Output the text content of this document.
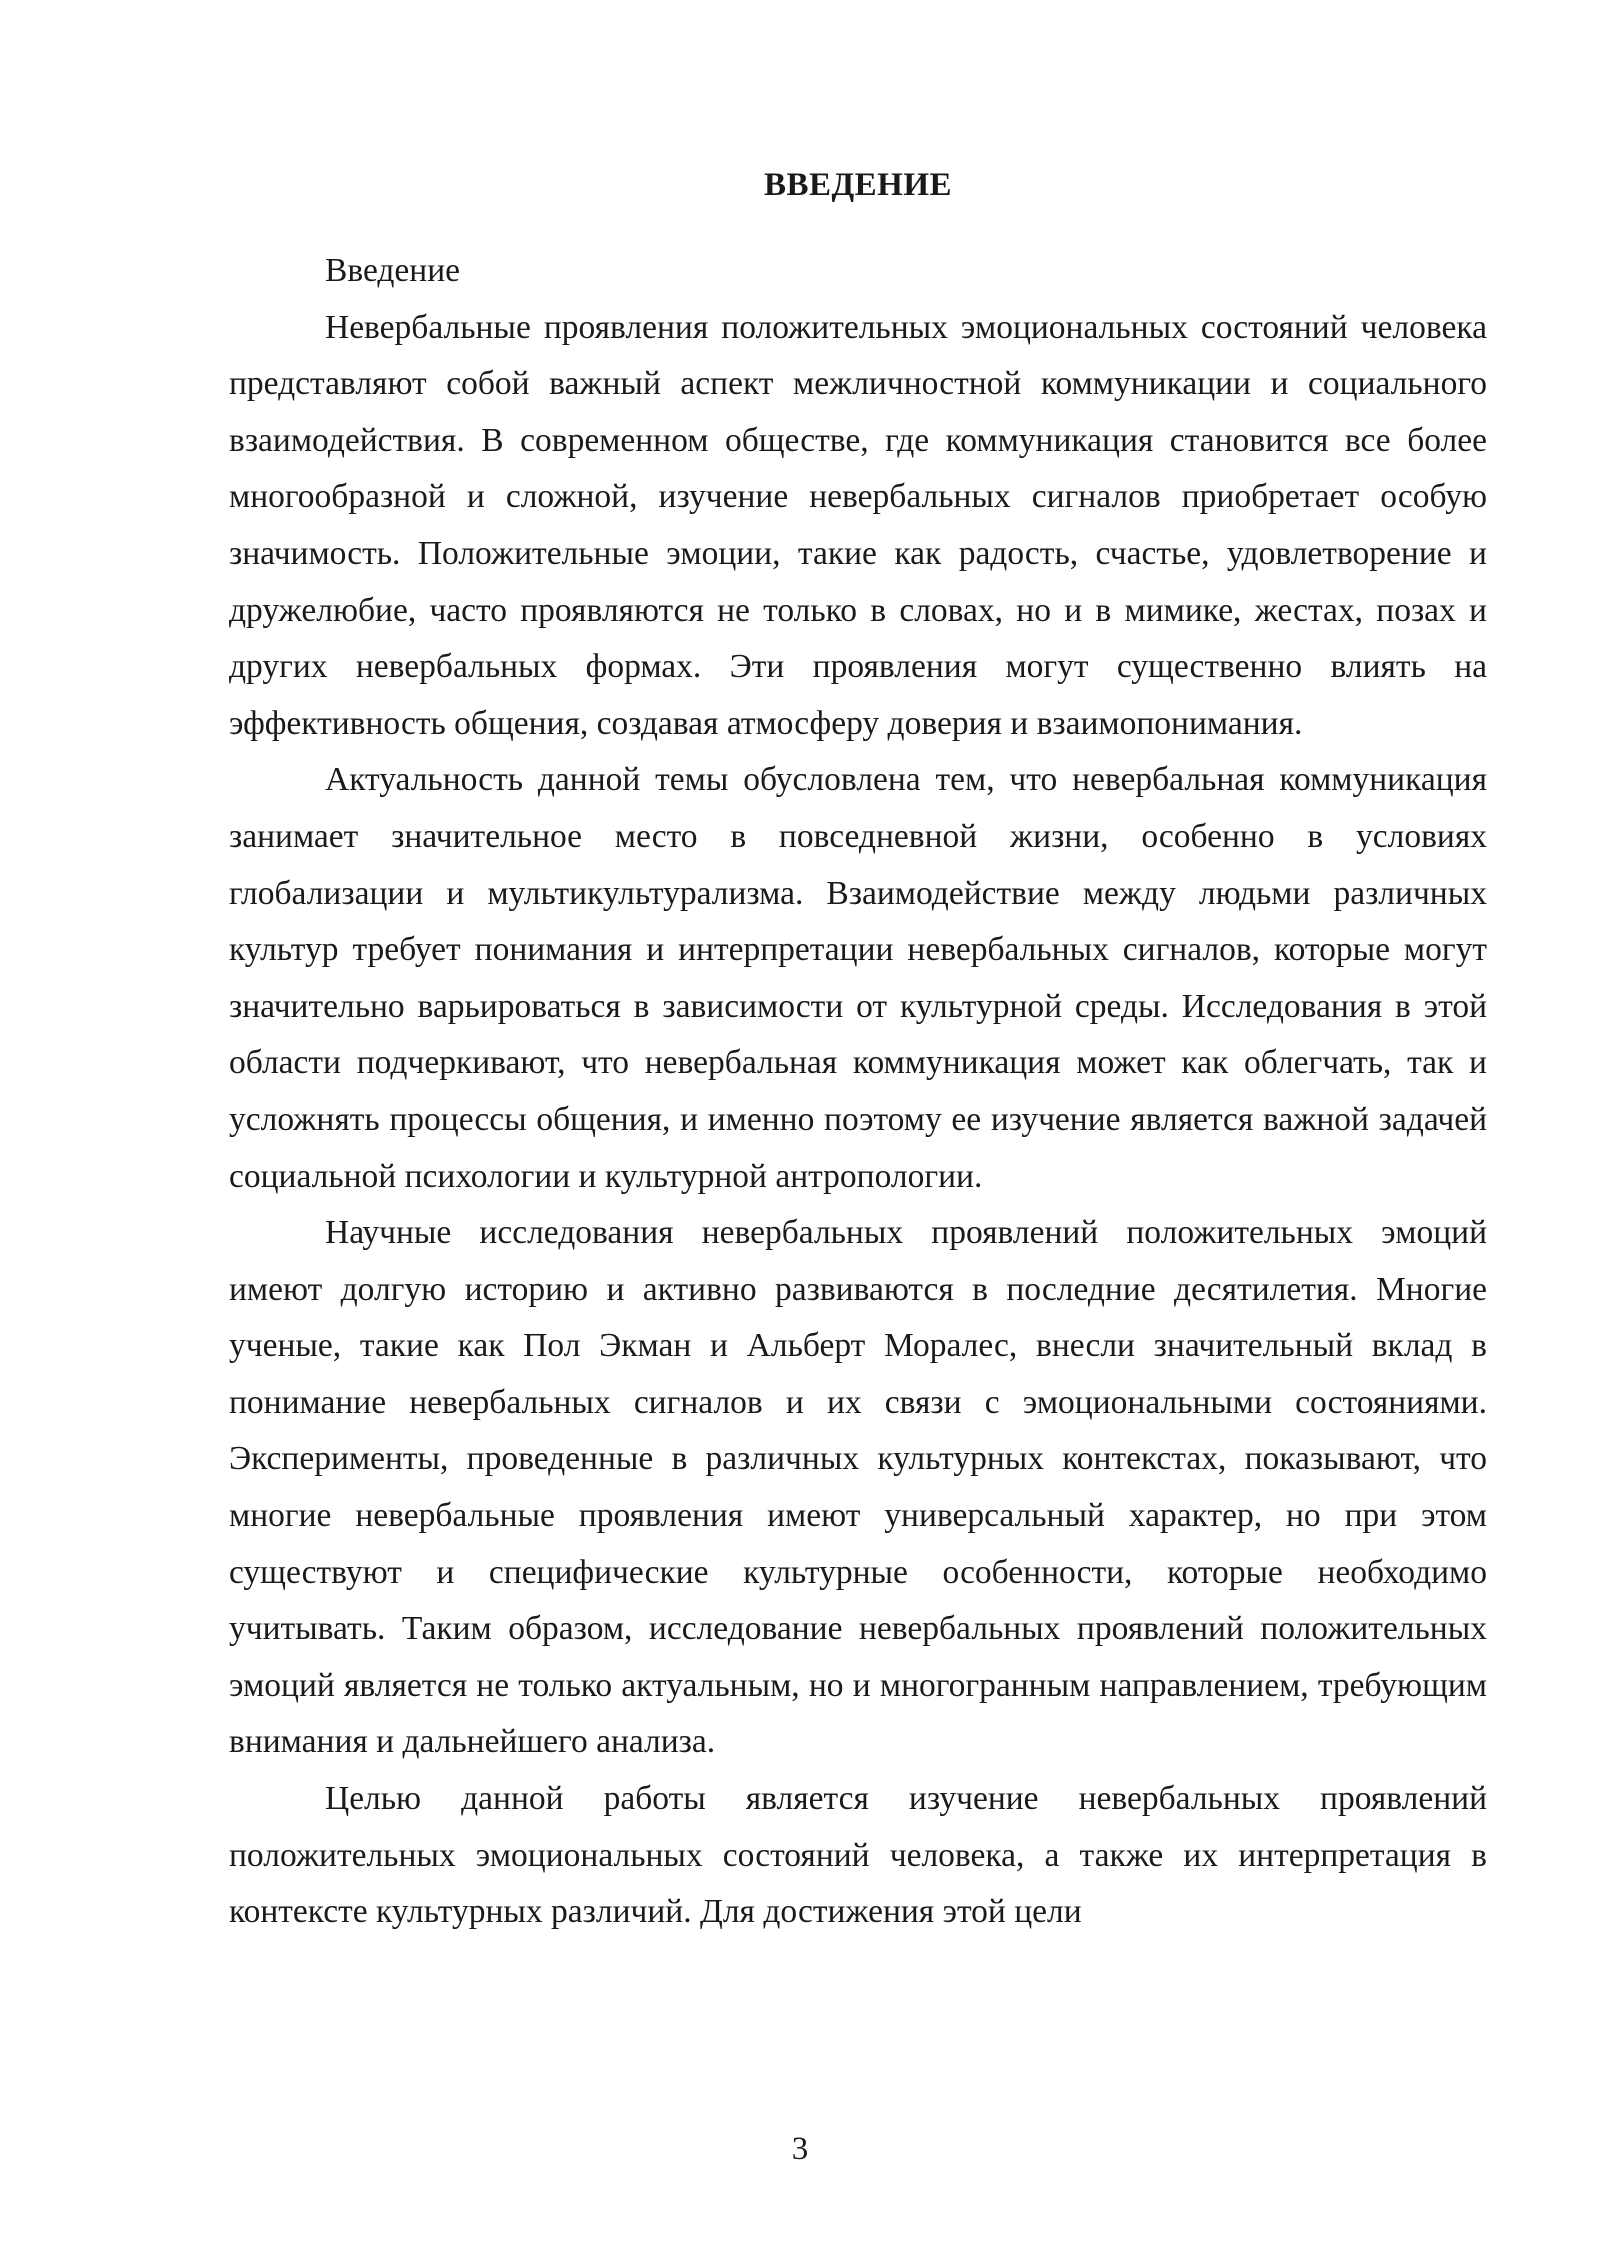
ВВЕДЕНИЕ

Введение

Невербальные проявления положительных эмоциональных состояний человека представляют собой важный аспект межличностной коммуникации и социального взаимодействия. В современном обществе, где коммуникация становится все более многообразной и сложной, изучение невербальных сигналов приобретает особую значимость. Положительные эмоции, такие как радость, счастье, удовлетворение и дружелюбие, часто проявляются не только в словах, но и в мимике, жестах, позах и других невербальных формах. Эти проявления могут существенно влиять на эффективность общения, создавая атмосферу доверия и взаимопонимания.

Актуальность данной темы обусловлена тем, что невербальная коммуникация занимает значительное место в повседневной жизни, особенно в условиях глобализации и мультикультурализма. Взаимодействие между людьми различных культур требует понимания и интерпретации невербальных сигналов, которые могут значительно варьироваться в зависимости от культурной среды. Исследования в этой области подчеркивают, что невербальная коммуникация может как облегчать, так и усложнять процессы общения, и именно поэтому ее изучение является важной задачей социальной психологии и культурной антропологии.

Научные исследования невербальных проявлений положительных эмоций имеют долгую историю и активно развиваются в последние десятилетия. Многие ученые, такие как Пол Экман и Альберт Моралес, внесли значительный вклад в понимание невербальных сигналов и их связи с эмоциональными состояниями. Эксперименты, проведенные в различных культурных контекстах, показывают, что многие невербальные проявления имеют универсальный характер, но при этом существуют и специфические культурные особенности, которые необходимо учитывать. Таким образом, исследование невербальных проявлений положительных эмоций является не только актуальным, но и многогранным направлением, требующим внимания и дальнейшего анализа.

Целью данной работы является изучение невербальных проявлений положительных эмоциональных состояний человека, а также их интерпретация в контексте культурных различий. Для достижения этой цели

3
